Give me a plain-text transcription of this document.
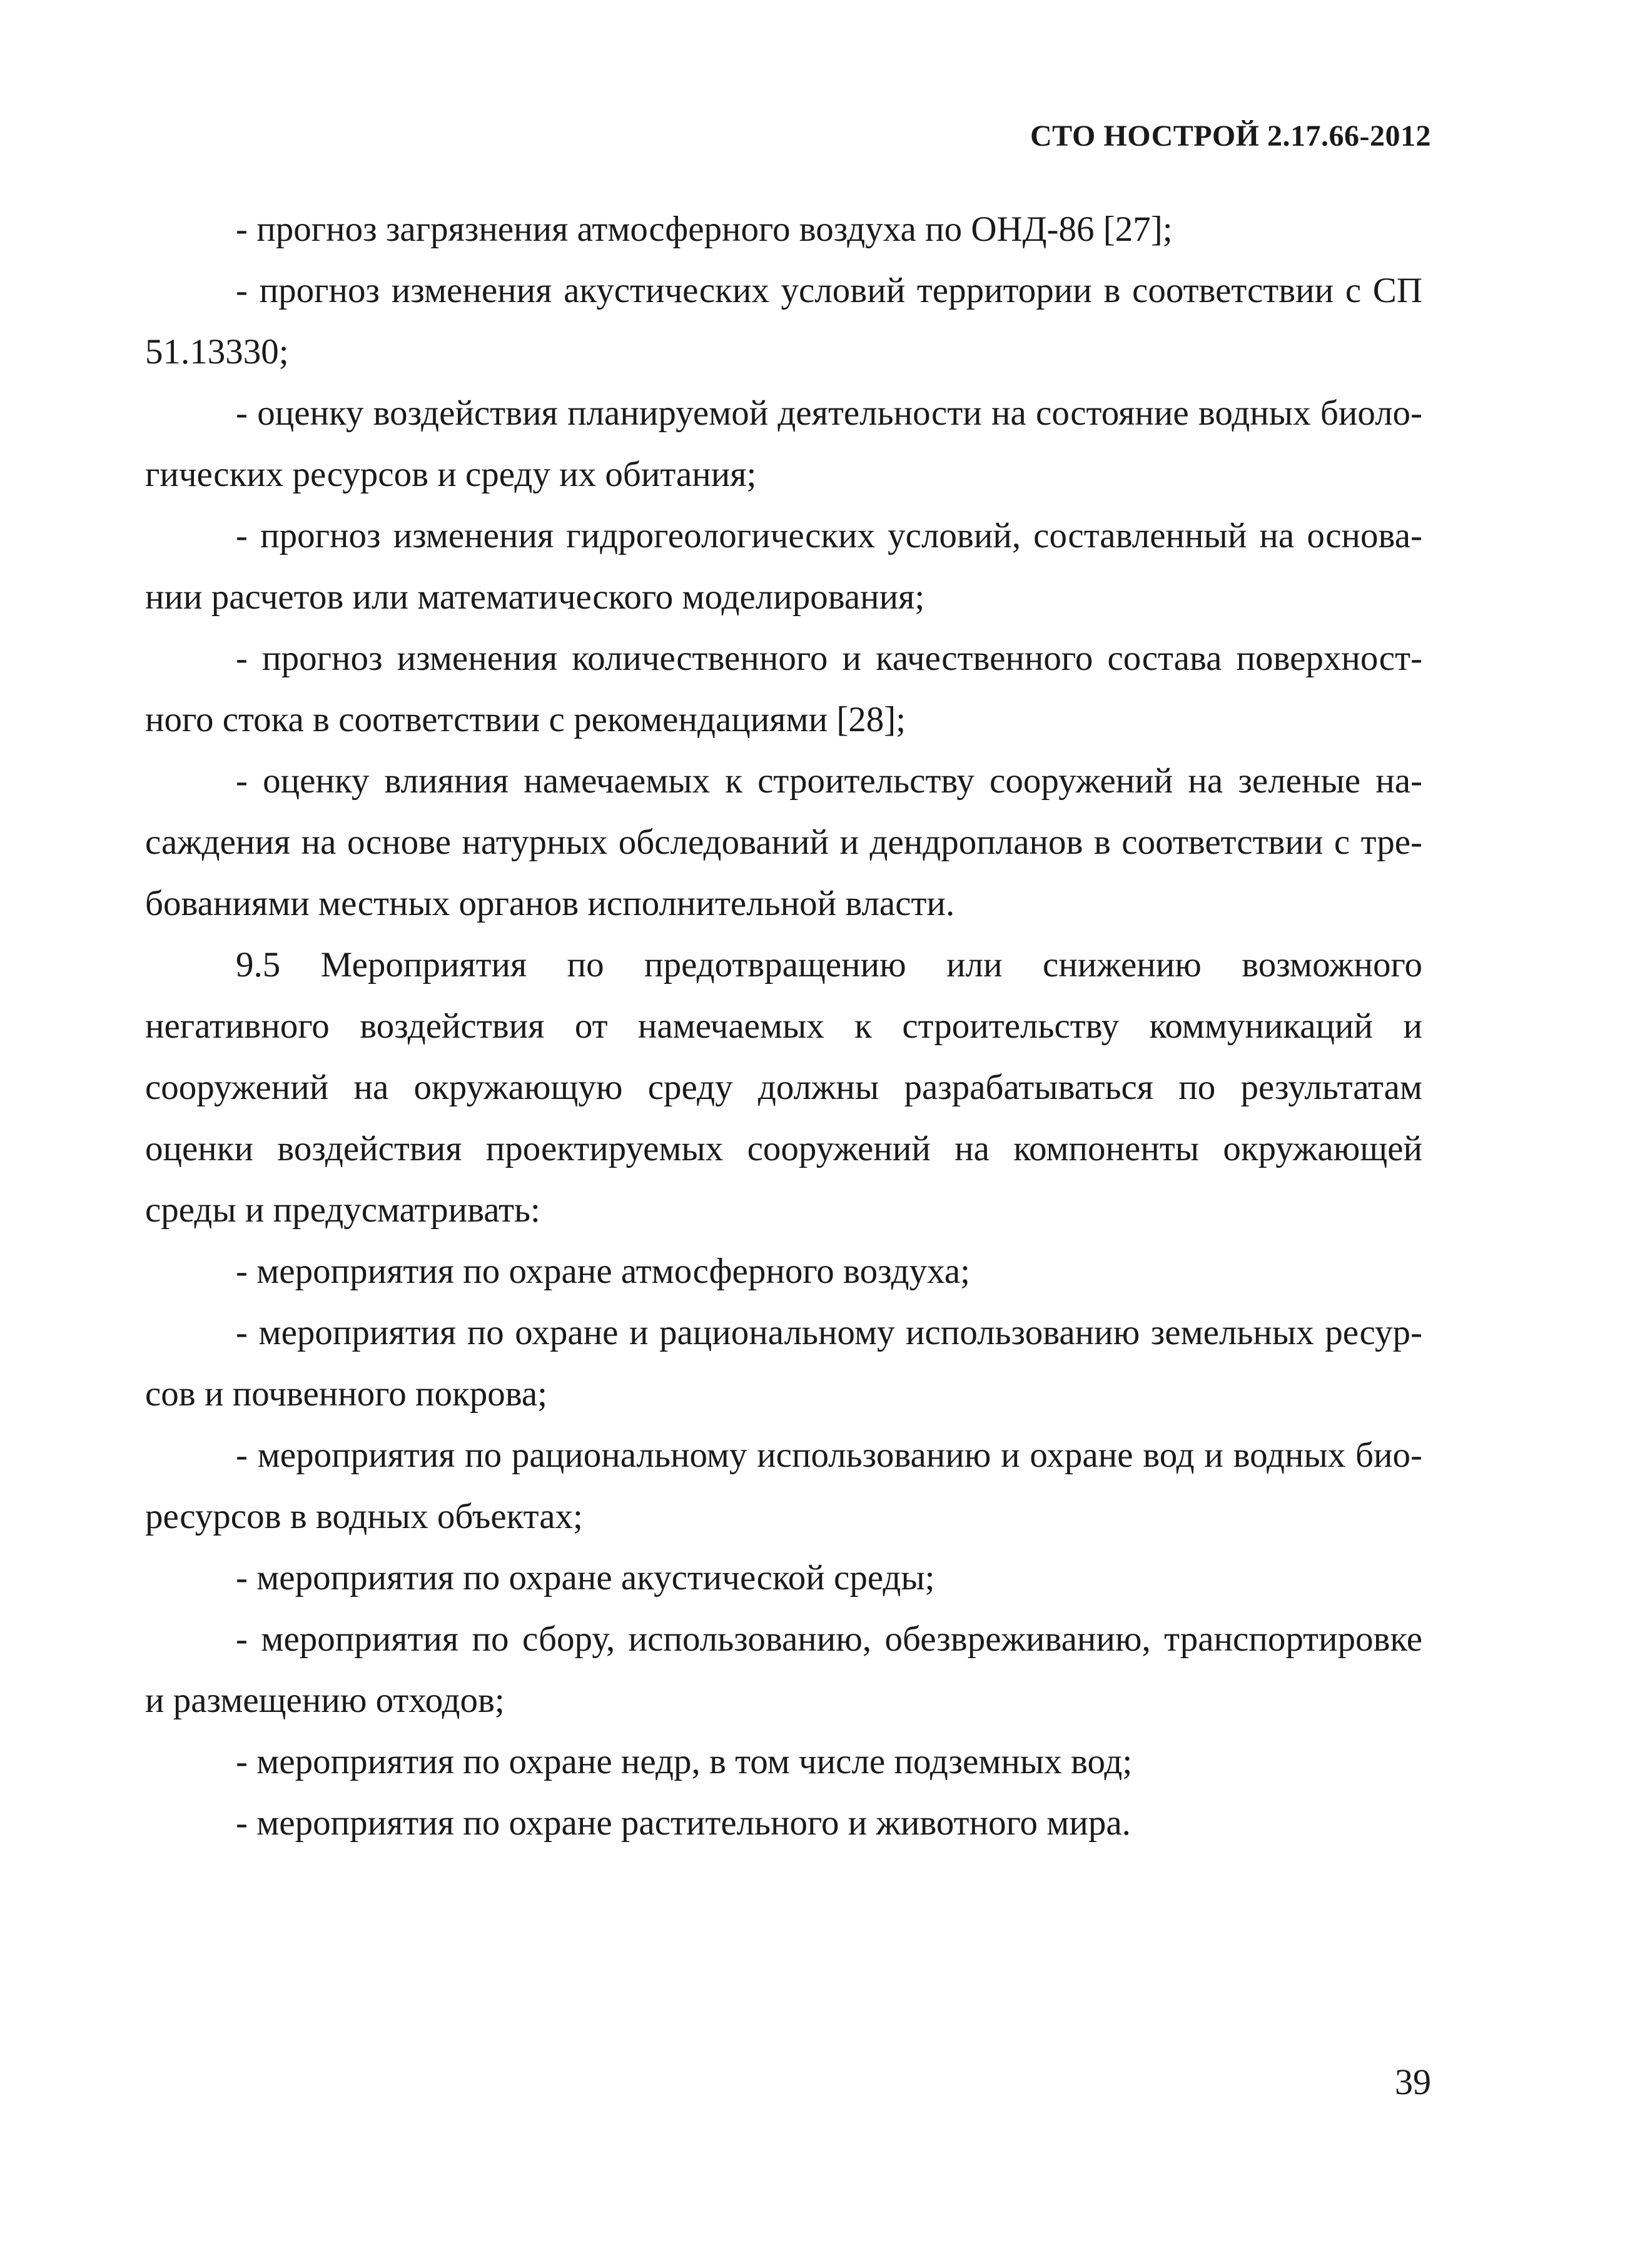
СТО НОСТРОЙ 2.17.66-2012

- прогноз загрязнения атмосферного воздуха по ОНД-86 [27];

- прогноз изменения акустических условий территории в соответствии с СП 51.13330;

- оценку воздействия планируемой деятельности на состояние водных биологических ресурсов и среду их обитания;

- прогноз изменения гидрогеологических условий, составленный на основании расчетов или математического моделирования;

- прогноз изменения количественного и качественного состава поверхностного стока в соответствии с рекомендациями [28];

- оценку влияния намечаемых к строительству сооружений на зеленые насаждения на основе натурных обследований и дендропланов в соответствии с требованиями местных органов исполнительной власти.

9.5 Мероприятия по предотвращению или снижению возможного негативного воздействия от намечаемых к строительству коммуникаций и сооружений на окружающую среду должны разрабатываться по результатам оценки воздействия проектируемых сооружений на компоненты окружающей среды и предусматривать:

- мероприятия по охране атмосферного воздуха;

- мероприятия по охране и рациональному использованию земельных ресурсов и почвенного покрова;

- мероприятия по рациональному использованию и охране вод и водных биоресурсов в водных объектах;

- мероприятия по охране акустической среды;

- мероприятия по сбору, использованию, обезвреживанию, транспортировке и размещению отходов;

- мероприятия по охране недр, в том числе подземных вод;

- мероприятия по охране растительного и животного мира.

39
